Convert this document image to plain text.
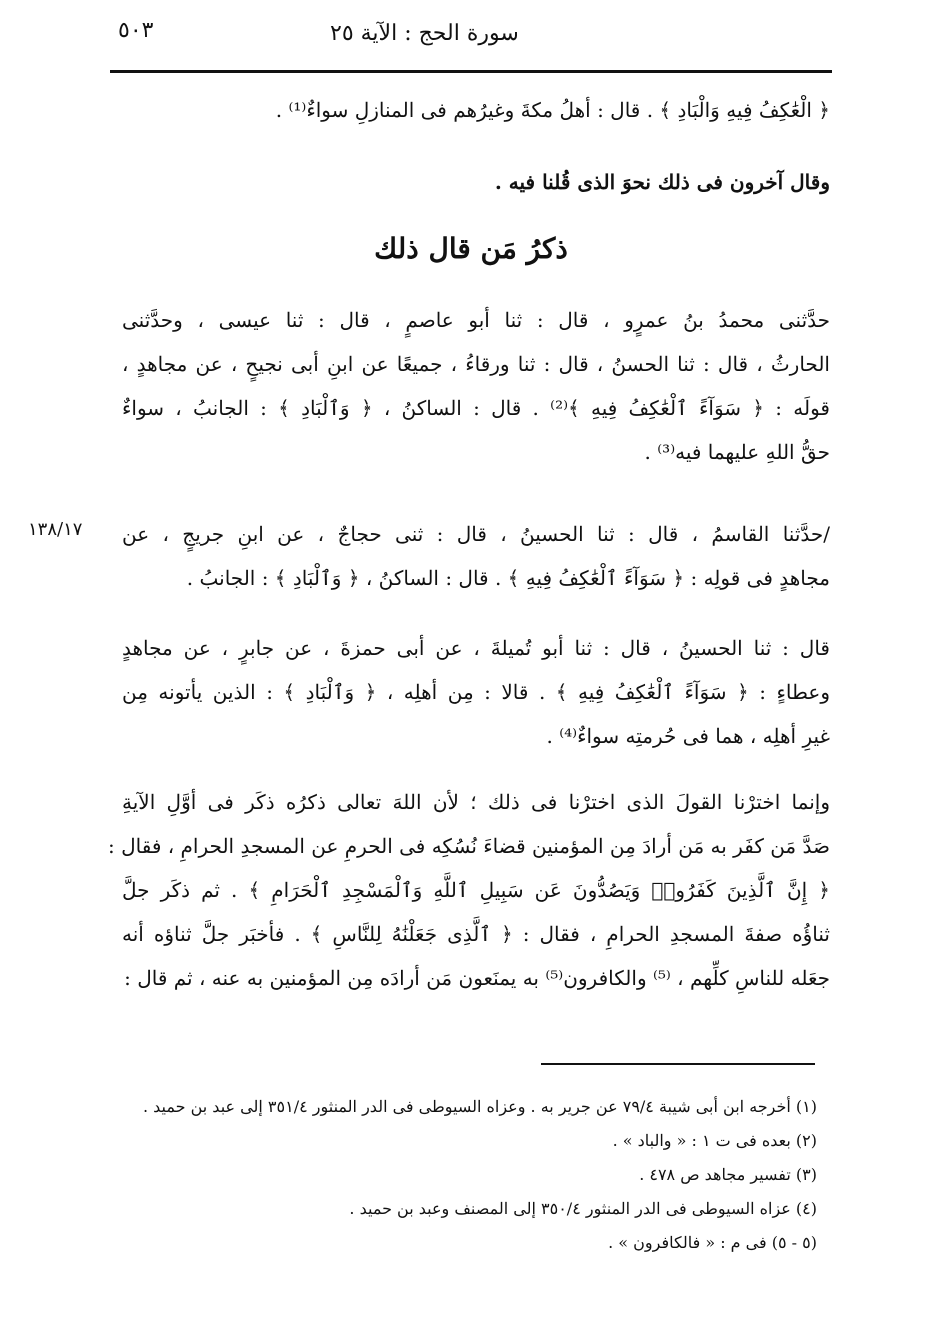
٥٠٣	سورة الحج : الآية ٢٥
١٣٨/١٧
﴿ الْعَٰكِفُ فِيهِ وَالْبَادِ ﴾ . قال : أهلُ مكةَ وغيرُهم فى المنازلِ سواءٌ⁽¹⁾ .
وقال آخرون فى ذلك نحوَ الذى قُلنا فيه .
ذكرُ مَن قال ذلك
حدَّثنى محمدُ بنُ عمرٍو ، قال : ثنا أبو عاصمٍ ، قال : ثنا عيسى ، وحدَّثنى
الحارثُ ، قال : ثنا الحسنُ ، قال : ثنا ورقاءُ ، جميعًا عن ابنِ أبى نجيحٍ ، عن مجاهدٍ ،
قولَه : ﴿ سَوَآءً ٱلْعَٰكِفُ فِيهِ ﴾⁽²⁾ . قال : الساكنُ ، ﴿ وَٱلْبَادِ ﴾ : الجانبُ ، سواءٌ
حقُّ اللهِ عليهما فيه⁽³⁾ .
/حدَّثنا القاسمُ ، قال : ثنا الحسينُ ، قال : ثنى حجاجٌ ، عن ابنِ جريجٍ ، عن
مجاهدٍ فى قولِه : ﴿ سَوَآءً ٱلْعَٰكِفُ فِيهِ ﴾ . قال : الساكنُ ، ﴿ وَٱلْبَادِ ﴾ : الجانبُ .
قال : ثنا الحسينُ ، قال : ثنا أبو تُميلةَ ، عن أبى حمزةَ ، عن جابرٍ ، عن مجاهدٍ
وعطاءٍ : ﴿ سَوَآءً ٱلْعَٰكِفُ فِيهِ ﴾ . قالا : مِن أهلِه ، ﴿ وَٱلْبَادِ ﴾ : الذين يأتونه مِن
غيرِ أهلِه ، هما فى حُرمتِه سواءٌ⁽⁴⁾ .
وإنما اخترْنا القولَ الذى اخترْنا فى ذلك ؛ لأن اللهَ تعالى ذكرُه ذكَر فى أوَّلِ الآيةِ
صَدَّ مَن كفَر به مَن أرادَ مِن المؤمنين قضاءَ نُسُكِه فى الحرمِ عن المسجدِ الحرامِ ، فقال :
﴿ إِنَّ ٱلَّذِينَ كَفَرُوا۟ وَيَصُدُّونَ عَن سَبِيلِ ٱللَّهِ وَٱلْمَسْجِدِ ٱلْحَرَامِ ﴾ . ثم ذكَر جلَّ
ثناؤُه صفةَ المسجدِ الحرامِ ، فقال : ﴿ ٱلَّذِى جَعَلْنَٰهُ لِلنَّاسِ ﴾ . فأخبَر جلَّ ثناؤه أنه
جعَله للناسِ كلِّهم ، ⁽⁵⁾ والكافرون⁽⁵⁾ به يمنَعون مَن أرادَه مِن المؤمنين به عنه ، ثم قال :
(١) أخرجه ابن أبى شيبة ٧٩/٤ عن جرير به . وعزاه السيوطى فى الدر المنثور ٣٥١/٤ إلى عبد بن حميد .
(٢) بعده فى ت ١ : « والباد » .
(٣) تفسير مجاهد ص ٤٧٨ .
(٤) عزاه السيوطى فى الدر المنثور ٣٥٠/٤ إلى المصنف وعبد بن حميد .
(٥ - ٥) فى م : « فالكافرون » .
